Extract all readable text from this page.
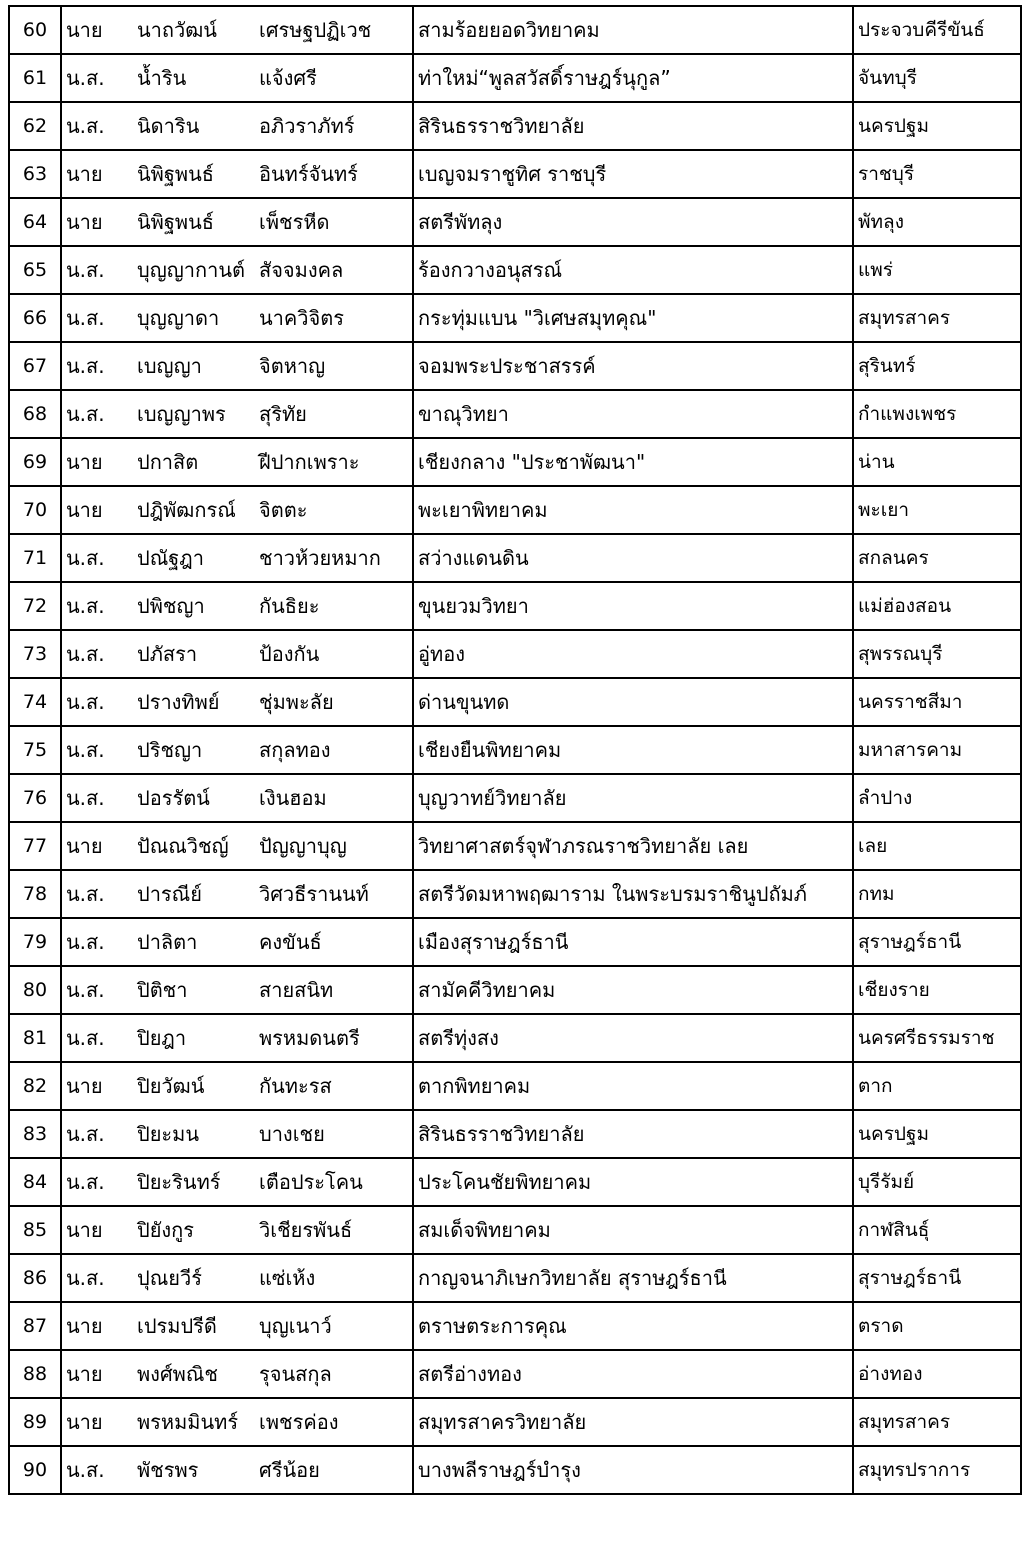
60	นาย	นาถวัฒน์	เศรษฐปฏิเวช	สามร้อยยอดวิทยาคม	ประจวบคีรีขันธ์
61	น.ส.	น้ำริน	แจ้งศรี	ท่าใหม่“พูลสวัสดิ์ราษฎร์นุกูล”	จันทบุรี
62	น.ส.	นิดาริน	อภิวราภัทร์	สิรินธรราชวิทยาลัย	นครปฐม
63	นาย	นิพิฐพนธ์	อินทร์จันทร์	เบญจมราชูทิศ ราชบุรี	ราชบุรี
64	นาย	นิพิฐพนธ์	เพ็ชรหีด	สตรีพัทลุง	พัทลุง
65	น.ส.	บุญญากานต์	สัจจมงคล	ร้องกวางอนุสรณ์	แพร่
66	น.ส.	บุญญาดา	นาควิจิตร	กระทุ่มแบน "วิเศษสมุทคุณ"	สมุทรสาคร
67	น.ส.	เบญญา	จิตหาญ	จอมพระประชาสรรค์	สุรินทร์
68	น.ส.	เบญญาพร	สุริทัย	ขาณุวิทยา	กำแพงเพชร
69	นาย	ปกาสิต	ฝีปากเพราะ	เชียงกลาง "ประชาพัฒนา"	น่าน
70	นาย	ปฎิพัฒกรณ์	จิตตะ	พะเยาพิทยาคม	พะเยา
71	น.ส.	ปณัฐฎา	ชาวห้วยหมาก	สว่างแดนดิน	สกลนคร
72	น.ส.	ปพิชญา	กันธิยะ	ขุนยวมวิทยา	แม่ฮ่องสอน
73	น.ส.	ปภัสรา	ป้องกัน	อู่ทอง	สุพรรณบุรี
74	น.ส.	ปรางทิพย์	ชุ่มพะลัย	ด่านขุนทด	นครราชสีมา
75	น.ส.	ปริชญา	สกุลทอง	เชียงยืนพิทยาคม	มหาสารคาม
76	น.ส.	ปอรรัตน์	เงินฮอม	บุญวาทย์วิทยาลัย	ลำปาง
77	นาย	ปัณณวิชญ์	ปัญญาบุญ	วิทยาศาสตร์จุฬาภรณราชวิทยาลัย เลย	เลย
78	น.ส.	ปารณีย์	วิศวธีรานนท์	สตรีวัดมหาพฤฒาราม ในพระบรมราชินูปถัมภ์	กทม
79	น.ส.	ปาลิตา	คงขันธ์	เมืองสุราษฎร์ธานี	สุราษฎร์ธานี
80	น.ส.	ปิติชา	สายสนิท	สามัคคีวิทยาคม	เชียงราย
81	น.ส.	ปิยฎา	พรหมดนตรี	สตรีทุ่งสง	นครศรีธรรมราช
82	นาย	ปิยวัฒน์	กันทะรส	ตากพิทยาคม	ตาก
83	น.ส.	ปิยะมน	บางเชย	สิรินธรราชวิทยาลัย	นครปฐม
84	น.ส.	ปิยะรินทร์	เตือประโคน	ประโคนชัยพิทยาคม	บุรีรัมย์
85	นาย	ปิยังกูร	วิเชียรพันธ์	สมเด็จพิทยาคม	กาฬสินธุ์
86	น.ส.	ปุณยวีร์	แซ่เห้ง	กาญจนาภิเษกวิทยาลัย สุราษฎร์ธานี	สุราษฎร์ธานี
87	นาย	เปรมปรีดี	บุญเนาว์	ตราษตระการคุณ	ตราด
88	นาย	พงศ์พณิช	รุจนสกุล	สตรีอ่างทอง	อ่างทอง
89	นาย	พรหมมินทร์	เพชรค่อง	สมุทรสาครวิทยาลัย	สมุทรสาคร
90	น.ส.	พัชรพร	ศรีน้อย	บางพลีราษฎร์บำรุง	สมุทรปราการ
